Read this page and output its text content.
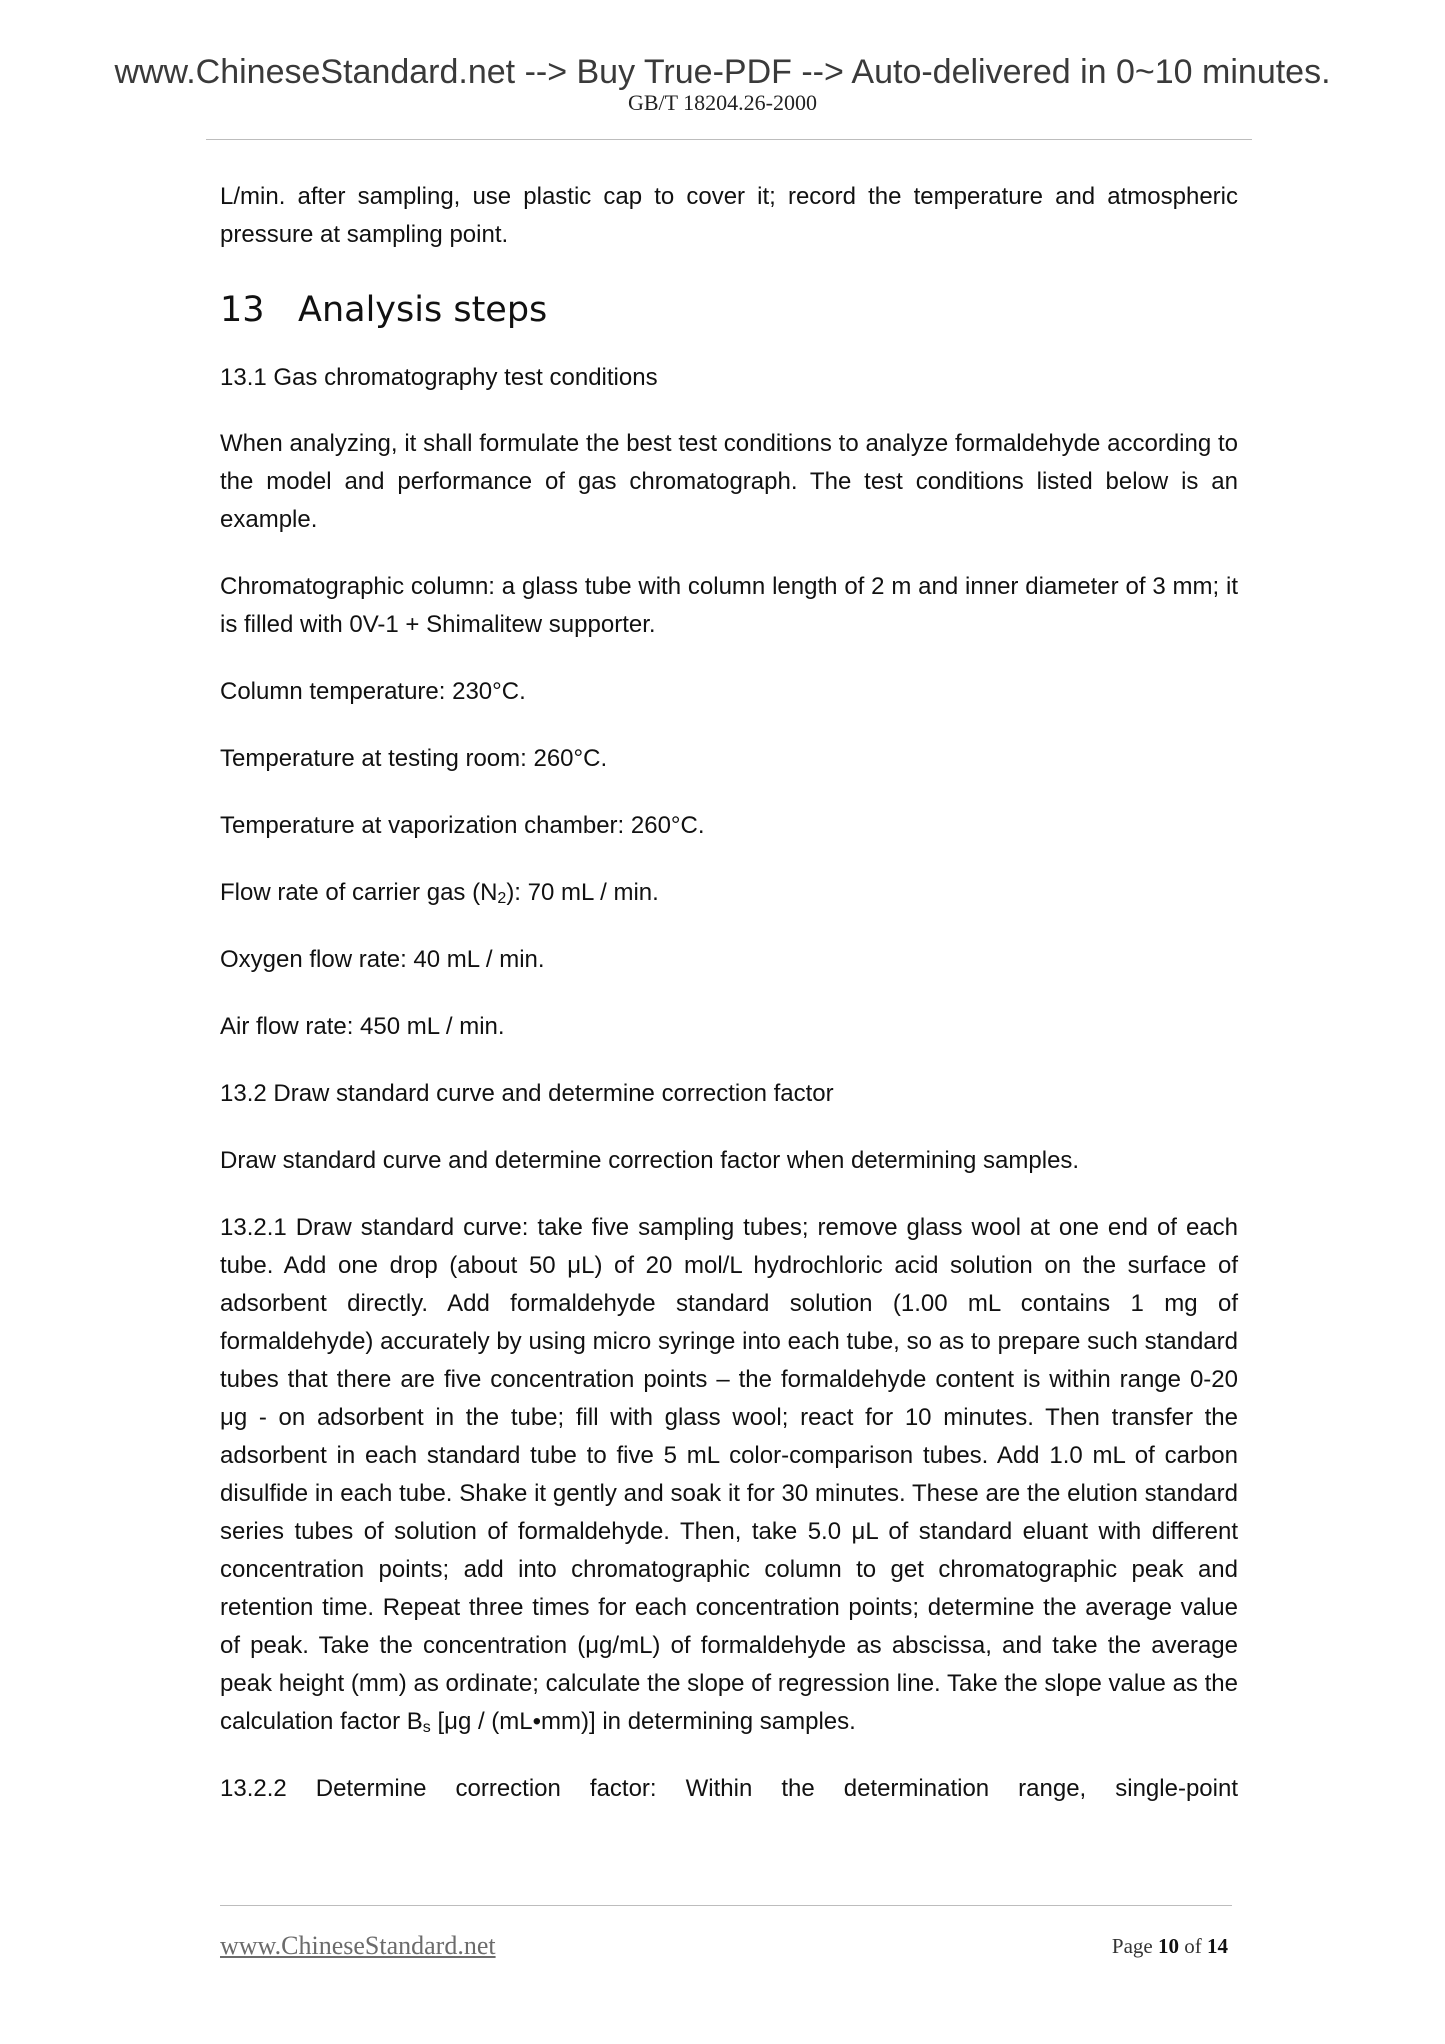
www.ChineseStandard.net --> Buy True-PDF --> Auto-delivered in 0~10 minutes.
GB/T 18204.26-2000

L/min. after sampling, use plastic cap to cover it; record the temperature and atmospheric pressure at sampling point.

13 Analysis steps

13.1 Gas chromatography test conditions

When analyzing, it shall formulate the best test conditions to analyze formaldehyde according to the model and performance of gas chromatograph. The test conditions listed below is an example.

Chromatographic column: a glass tube with column length of 2 m and inner diameter of 3 mm; it is filled with 0V-1 + Shimalitew supporter.

Column temperature: 230°C.

Temperature at testing room: 260°C.

Temperature at vaporization chamber: 260°C.

Flow rate of carrier gas $(N_2)$: 70 mL / min.

Oxygen flow rate: 40 mL / min.

Air flow rate: 450 mL / min.

13.2 Draw standard curve and determine correction factor

Draw standard curve and determine correction factor when determining samples.

13.2.1 Draw standard curve: take five sampling tubes; remove glass wool at one end of each tube. Add one drop (about 50 μL) of 20 mol/L hydrochloric acid solution on the surface of adsorbent directly. Add formaldehyde standard solution (1.00 mL contains 1 mg of formaldehyde) accurately by using micro syringe into each tube, so as to prepare such standard tubes that there are five concentration points – the formaldehyde content is within range 0-20 μg - on adsorbent in the tube; fill with glass wool; react for 10 minutes. Then transfer the adsorbent in each standard tube to five 5 mL color-comparison tubes. Add 1.0 mL of carbon disulfide in each tube. Shake it gently and soak it for 30 minutes. These are the elution standard series tubes of solution of formaldehyde. Then, take 5.0 μL of standard eluant with different concentration points; add into chromatographic column to get chromatographic peak and retention time. Repeat three times for each concentration points; determine the average value of peak. Take the concentration (μg/mL) of formaldehyde as abscissa, and take the average peak height (mm) as ordinate; calculate the slope of regression line. Take the slope value as the calculation factor $B_s$ [μg / (mL•mm)] in determining samples.

13.2.2 Determine correction factor: Within the determination range, single-point

www.ChineseStandard.net	Page 10 of 14
